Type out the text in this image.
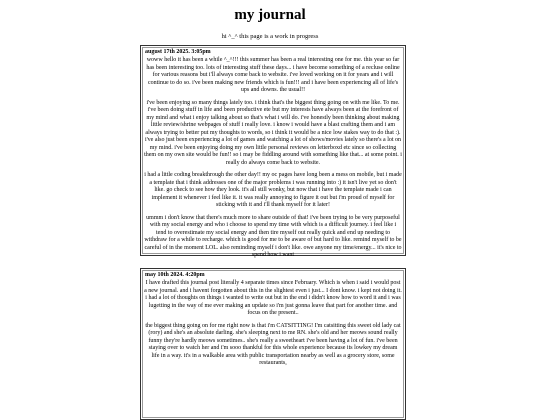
my journal
hi ^_^ this page is a work in progress
august 17th 2025. 3:05pm

woww hello it has been a while ^_^!!! this summer has been a real interesting one for me. this year so far has been interesting too. lots of interesting stuff these days... i have become something of a recluse online for various reasons but i'll always come back to website. i've loved working on it for years and i will continue to do so. i've been making new friends which is fun!!! and i have been experiencing all of life's ups and downs. the usual!!

i've been enjoying so many things lately too. i think that's the biggest thing going on with me like. To me. i've been doing stuff in life and been productive ete but my interests have always been at the forefront of my mind and what i enjoy talking about so that's what i will do. i've honestly been thinking about making little review/shrine webpages of stuff i really love. i know i would have a blast crafting them and i am always trying to better put my thoughts to words, so i think it would be a nice low stakes way to do that :). i've also just been experiencing a lot of games and watching a lot of shows/movies lately so there's a lot on my mind. i've been enjoying doing my own little personal reviews on letterboxd etc since so collecting them on my own site would be fun!! so i may be fiddling around with something like that... at some point. i really do always come back to website.

i had a little coding breakthrough the other day!! my oc pages have long been a mess on mobile, but i made a template that i think addresses one of the major problems i was running into :) it isn't live yet so don't like. go check to see how they look. it's all still wonky, but now that i have the template made i can implement it whenever i feel like it. it was really annoying to figure it out but i'm proud of myself for sticking with it and i'll thank myself for it later!

ummm i don't know that there's much more to share outside of that! i've been trying to be very purposeful with my social energy and who i choose to spend my time with which is a difficult journey. i feel like i tend to overestimate my social energy and then tire myself out really quick and end up needing to withdraw for a while to recharge. which is good for me to be aware of but hard to like. remind myself to be careful of in the moment LOL. also reminding myself i don't like. owe anyone my time/energy... it's nice to spend how i want

may 10th 2024. 4:20pm

I have drafted this journal post literally 4 separate times since February. Which is when i said i would post a new journal. and i havent forgotten about this in the slightest even i just... I dont know. i kept not doing it. i had a lot of thoughts on things i wanted to write out but in the end i didn't know how to word it and i was lugetting in the way of me ever making an update so i'm just gonna leave that part for another time. and focus on the present..

the biggest thing going on for me right now is that i'm CATSITTING! I'm catsitting this sweet old lady cat (rory) and she's an absolute darling. she's sleeping next to me RN. she's old and her meows sound really funny they're hardly meows sometimes.. she's really a sweetheart i've been having a lot of fun. i've been staying over to watch her and i'm sooo thankful for this whole experience because its lowkey my dream life in a way. it's in a walkable area with public transportation nearby as well as a grocery store, some restaurants,
